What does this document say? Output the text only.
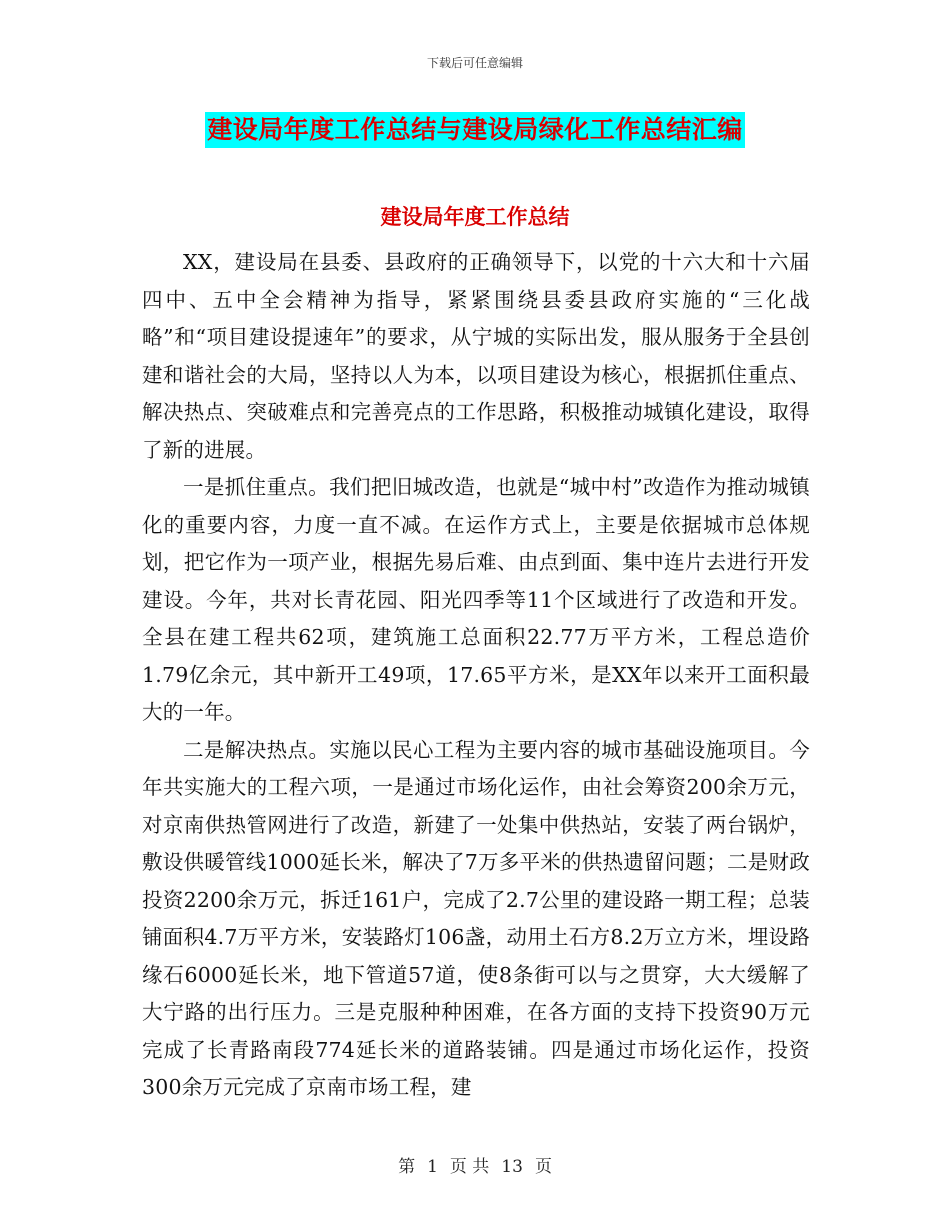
下载后可任意编辑
建设局年度工作总结与建设局绿化工作总结汇编
建设局年度工作总结

XX，建设局在县委、县政府的正确领导下，以党的十六大和十六届四中、五中全会精神为指导，紧紧围绕县委县政府实施的“三化战略”和“项目建设提速年”的要求，从宁城的实际出发，服从服务于全县创建和谐社会的大局，坚持以人为本，以项目建设为核心，根据抓住重点、解决热点、突破难点和完善亮点的工作思路，积极推动城镇化建设，取得了新的进展。

一是抓住重点。我们把旧城改造，也就是“城中村”改造作为推动城镇化的重要内容，力度一直不减。在运作方式上，主要是依据城市总体规划，把它作为一项产业，根据先易后难、由点到面、集中连片去进行开发建设。今年，共对长青花园、阳光四季等11个区域进行了改造和开发。全县在建工程共62项，建筑施工总面积22.77万平方米，工程总造价1.79亿余元，其中新开工49项，17.65平方米，是XX年以来开工面积最大的一年。

二是解决热点。实施以民心工程为主要内容的城市基础设施项目。今年共实施大的工程六项，一是通过市场化运作，由社会筹资200余万元，对京南供热管网进行了改造，新建了一处集中供热站，安装了两台锅炉，敷设供暖管线1000延长米，解决了7万多平米的供热遗留问题；二是财政投资2200余万元，拆迁161户，完成了2.7公里的建设路一期工程；总装铺面积4.7万平方米，安装路灯106盏，动用土石方8.2万立方米，埋设路缘石6000延长米，地下管道57道，使8条街可以与之贯穿，大大缓解了大宁路的出行压力。三是克服种种困难，在各方面的支持下投资90万元完成了长青路南段774延长米的道路装铺。四是通过市场化运作，投资300余万元完成了京南市场工程，建

第 1 页 共 13 页
